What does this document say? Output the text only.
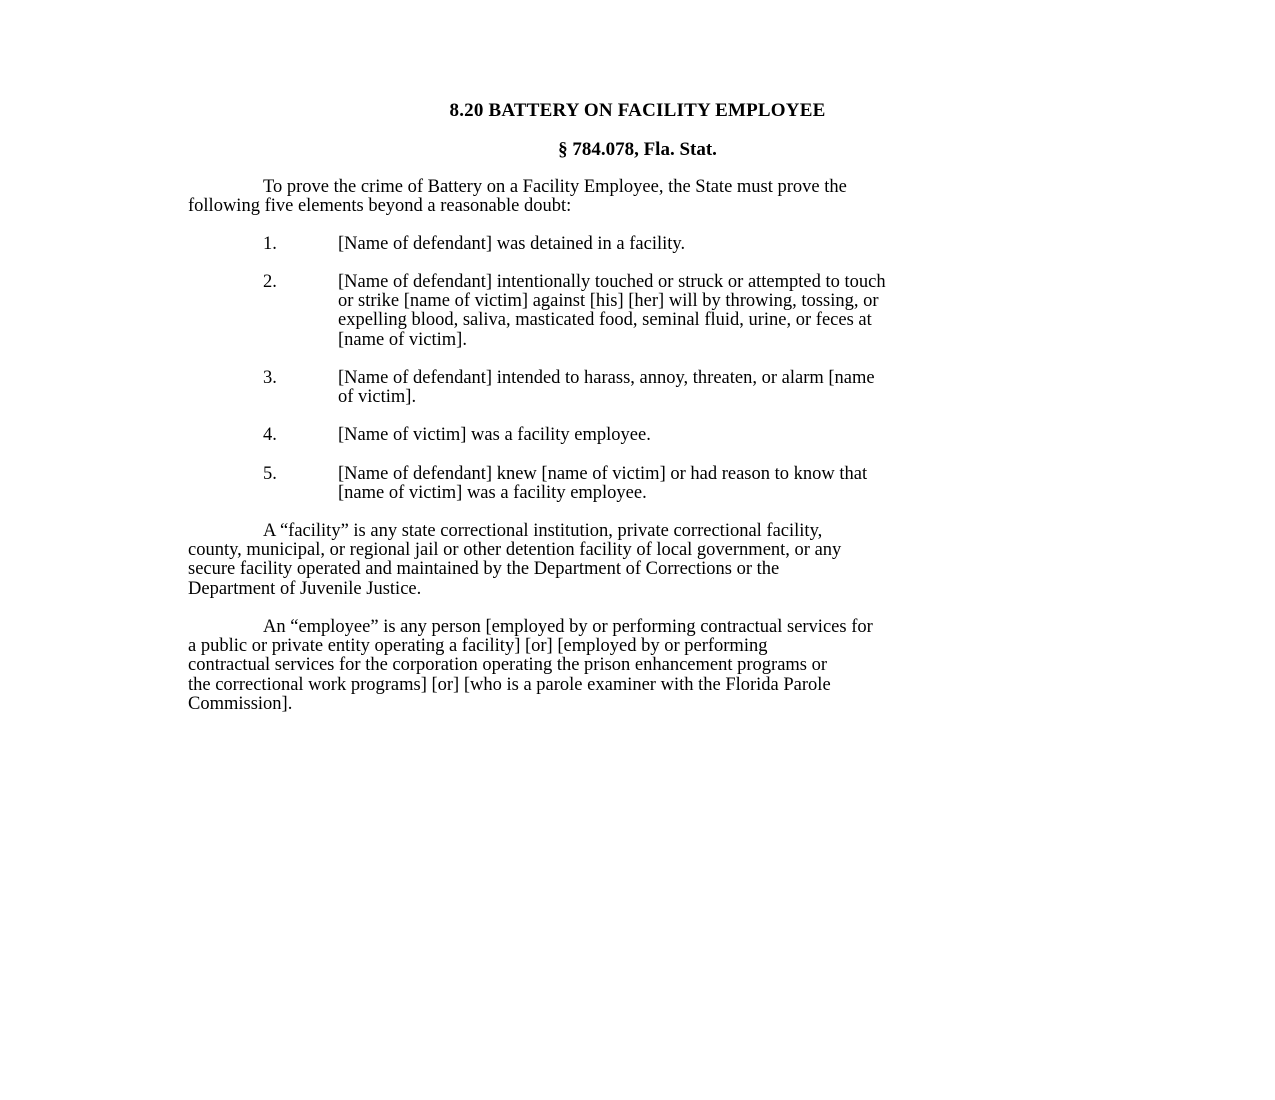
8.20 BATTERY ON FACILITY EMPLOYEE

§ 784.078, Fla. Stat.

To prove the crime of Battery on a Facility Employee, the State must prove the
following five elements beyond a reasonable doubt:
1.	[Name of defendant] was detained in a facility.
2.	[Name of defendant] intentionally touched or struck or attempted to touch
or strike [name of victim] against [his] [her] will by throwing, tossing, or
expelling blood, saliva, masticated food, seminal fluid, urine, or feces at
[name of victim].
3.	[Name of defendant] intended to harass, annoy, threaten, or alarm [name
of victim].
4.	[Name of victim] was a facility employee.
5.	[Name of defendant] knew [name of victim] or had reason to know that
[name of victim] was a facility employee.
A “facility” is any state correctional institution, private correctional facility,
county, municipal, or regional jail or other detention facility of local government, or any
secure facility operated and maintained by the Department of Corrections or the
Department of Juvenile Justice.
An “employee” is any person [employed by or performing contractual services for
a public or private entity operating a facility] [or] [employed by or performing
contractual services for the corporation operating the prison enhancement programs or
the correctional work programs] [or] [who is a parole examiner with the Florida Parole
Commission].
